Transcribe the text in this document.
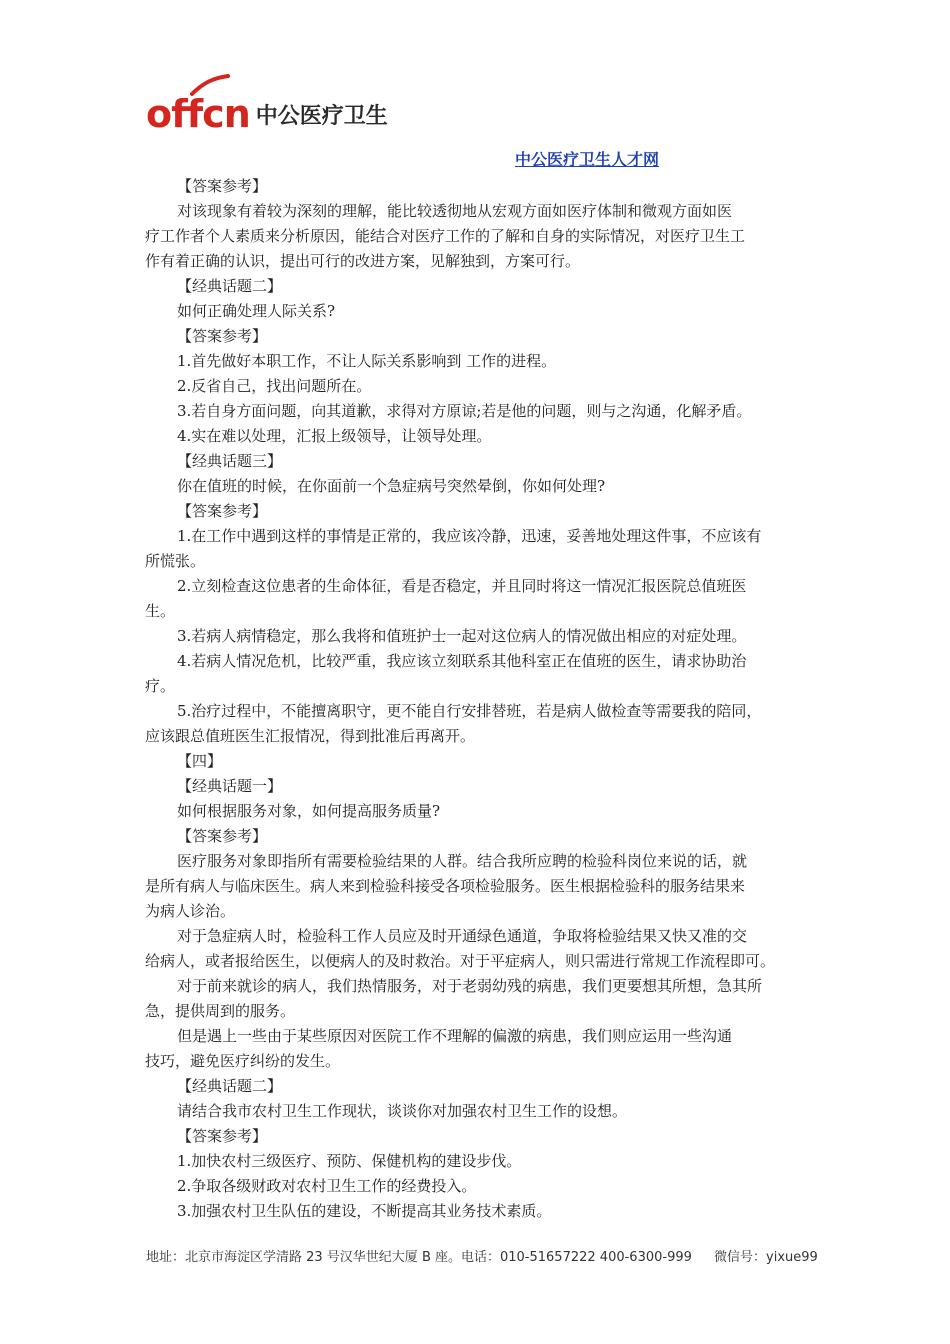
offcn 中公医疗卫生
中公医疗卫生人才网

【答案参考】

对该现象有着较为深刻的理解，能比较透彻地从宏观方面如医疗体制和微观方面如医

疗工作者个人素质来分析原因，能结合对医疗工作的了解和自身的实际情况，对医疗卫生工

作有着正确的认识，提出可行的改进方案，见解独到，方案可行。

【经典话题二】

如何正确处理人际关系?

【答案参考】

1.首先做好本职工作，不让人际关系影响到 工作的进程。

2.反省自己，找出问题所在。

3.若自身方面问题，向其道歉，求得对方原谅;若是他的问题，则与之沟通，化解矛盾。

4.实在难以处理，汇报上级领导，让领导处理。

【经典话题三】

你在值班的时候，在你面前一个急症病号突然晕倒，你如何处理?

【答案参考】

1.在工作中遇到这样的事情是正常的，我应该冷静，迅速，妥善地处理这件事，不应该有

所慌张。

2.立刻检查这位患者的生命体征，看是否稳定，并且同时将这一情况汇报医院总值班医

生。

3.若病人病情稳定，那么我将和值班护士一起对这位病人的情况做出相应的对症处理。

4.若病人情况危机，比较严重，我应该立刻联系其他科室正在值班的医生，请求协助治

疗。

5.治疗过程中，不能擅离职守，更不能自行安排替班，若是病人做检查等需要我的陪同，

应该跟总值班医生汇报情况，得到批准后再离开。

【四】

【经典话题一】

如何根据服务对象，如何提高服务质量?

【答案参考】

医疗服务对象即指所有需要检验结果的人群。结合我所应聘的检验科岗位来说的话，就

是所有病人与临床医生。病人来到检验科接受各项检验服务。医生根据检验科的服务结果来

为病人诊治。

对于急症病人时，检验科工作人员应及时开通绿色通道，争取将检验结果又快又准的交

给病人，或者报给医生，以便病人的及时救治。对于平症病人，则只需进行常规工作流程即可。

对于前来就诊的病人，我们热情服务，对于老弱幼残的病患，我们更要想其所想，急其所

急，提供周到的服务。

但是遇上一些由于某些原因对医院工作不理解的偏激的病患，我们则应运用一些沟通

技巧，避免医疗纠纷的发生。

【经典话题二】

请结合我市农村卫生工作现状，谈谈你对加强农村卫生工作的设想。

【答案参考】

1.加快农村三级医疗、预防、保健机构的建设步伐。

2.争取各级财政对农村卫生工作的经费投入。

3.加强农村卫生队伍的建设，不断提高其业务技术素质。

地址：北京市海淀区学清路 23 号汉华世纪大厦 B 座。电话：010-51657222 400-6300-999 微信号：yixue99
